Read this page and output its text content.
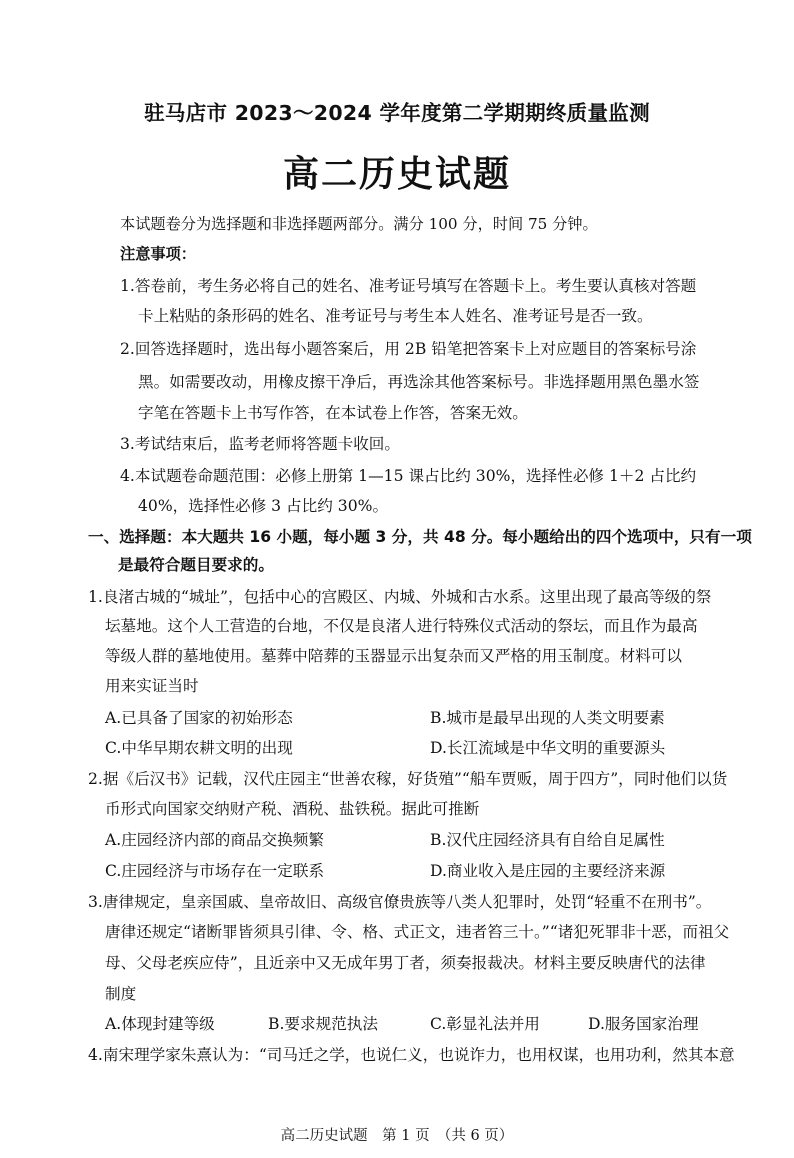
驻马店市 2023～2024 学年度第二学期期终质量监测
高二历史试题
本试题卷分为选择题和非选择题两部分。满分 100 分，时间 75 分钟。
注意事项：
1.答卷前，考生务必将自己的姓名、准考证号填写在答题卡上。考生要认真核对答题
卡上粘贴的条形码的姓名、准考证号与考生本人姓名、准考证号是否一致。
2.回答选择题时，选出每小题答案后，用 2B 铅笔把答案卡上对应题目的答案标号涂
黑。如需要改动，用橡皮擦干净后，再选涂其他答案标号。非选择题用黑色墨水签
字笔在答题卡上书写作答，在本试卷上作答，答案无效。
3.考试结束后，监考老师将答题卡收回。
4.本试题卷命题范围：必修上册第 1—15 课占比约 30%，选择性必修 1＋2 占比约
40%，选择性必修 3 占比约 30%。
一、选择题：本大题共 16 小题，每小题 3 分，共 48 分。每小题给出的四个选项中，只有一项
是最符合题目要求的。
1.良渚古城的“城址”，包括中心的宫殿区、内城、外城和古水系。这里出现了最高等级的祭
坛墓地。这个人工营造的台地，不仅是良渚人进行特殊仪式活动的祭坛，而且作为最高
等级人群的墓地使用。墓葬中陪葬的玉器显示出复杂而又严格的用玉制度。材料可以
用来实证当时
A.已具备了国家的初始形态	B.城市是最早出现的人类文明要素
C.中华早期农耕文明的出现	D.长江流域是中华文明的重要源头
2.据《后汉书》记载，汉代庄园主“世善农稼，好货殖”“船车贾贩，周于四方”，同时他们以货
币形式向国家交纳财产税、酒税、盐铁税。据此可推断
A.庄园经济内部的商品交换频繁	B.汉代庄园经济具有自给自足属性
C.庄园经济与市场存在一定联系	D.商业收入是庄园的主要经济来源
3.唐律规定，皇亲国戚、皇帝故旧、高级官僚贵族等八类人犯罪时，处罚“轻重不在刑书”。
唐律还规定“诸断罪皆须具引律、令、格、式正文，违者笞三十。”“诸犯死罪非十恶，而祖父
母、父母老疾应侍”，且近亲中又无成年男丁者，须奏报裁决。材料主要反映唐代的法律
制度
A.体现封建等级	B.要求规范执法	C.彰显礼法并用	D.服务国家治理
4.南宋理学家朱熹认为：“司马迁之学，也说仁义，也说诈力，也用权谋，也用功利，然其本意
高二历史试题　第 1 页　（共 6 页）
